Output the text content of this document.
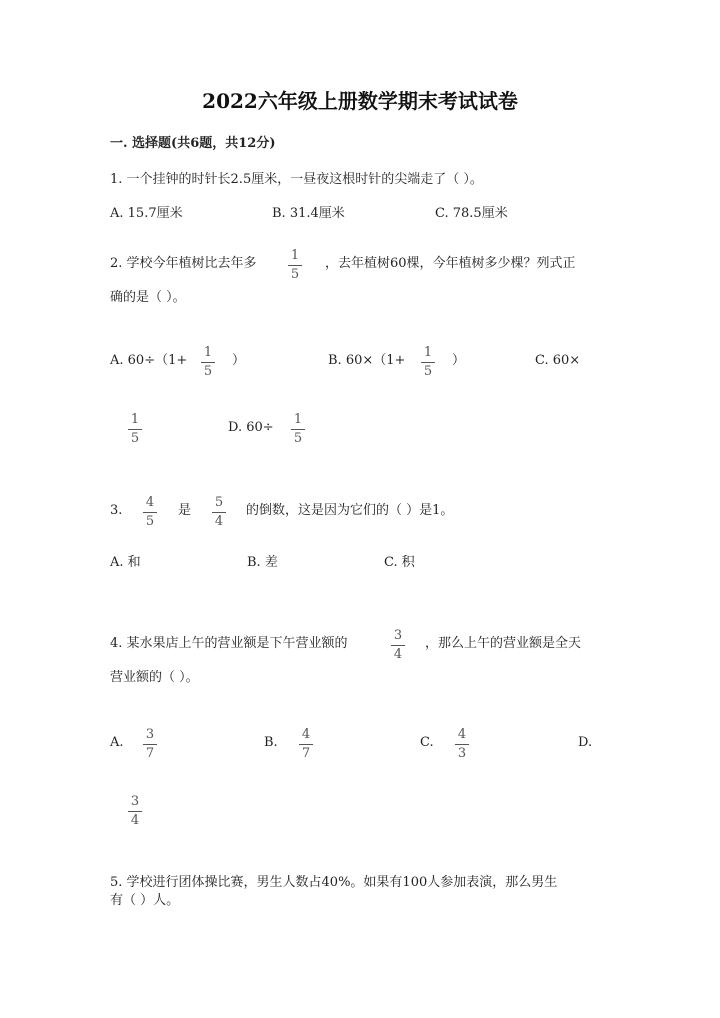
2022六年级上册数学期末考试试卷
一. 选择题(共6题，共12分)
1. 一个挂钟的时针长2.5厘米，一昼夜这根时针的尖端走了（ ）。
A. 15.7厘米	B. 31.4厘米	C. 78.5厘米
2. 学校今年植树比去年多
1
5
，去年植树60棵，今年植树多少棵？列式正
确的是（ ）。
A. 60÷（1+
1
5
）	B. 60×（1+
1
5
）	C. 60×
1
5
D. 60÷
1
5
3.
4
5
是
5
4
的倒数，这是因为它们的（ ）是1。
A. 和	B. 差	C. 积
4. 某水果店上午的营业额是下午营业额的
3
4
，那么上午的营业额是全天
营业额的（ ）。
A.
3
7
B.
4
7
C.
4
3
D.
3
4
5. 学校进行团体操比赛，男生人数占40%。如果有100人参加表演，那么男生
有（ ）人。
